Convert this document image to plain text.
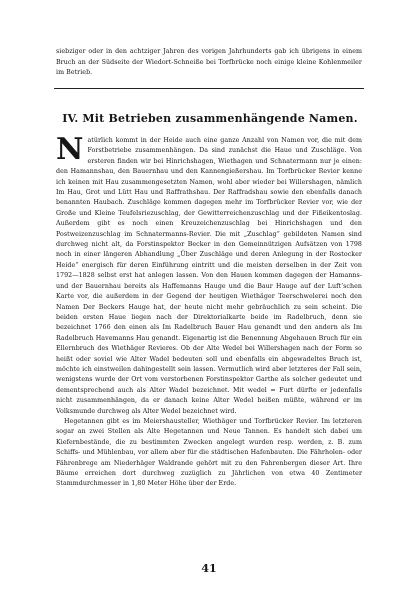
siebziger oder in den achtziger Jahren des vorigen Jahrhunderts gab ich übrigens in einem Bruch an der Südseite der Wiedort-Schneiße bei Torfbrücke noch einige kleine Kohlenmeiler im Betrieb.
IV. Mit Betrieben zusammenhängende Namen.

Natürlich kommt in der Heide auch eine ganze Anzahl von Namen vor, die mit dem Forstbetriebe zusammenhängen. Da sind zunächst die Haue und Zuschläge. Von ersteren finden wir bei Hinrichshagen, Wiethagen und Schnatermann nur je einen: den Hamannshau, den Bauernhau und den Kannengießershau. Im Torfbrücker Revier kenne ich keinen mit Hau zusammengesetzten Namen, wohl aber wieder bei Willershagen, nämlich Im Hau, Grot und Lütt Hau und Raffrathshau. Der Raffradshau sowie den ebenfalls danach benannten Haubach. Zuschläge kommen dagegen mehr im Torfbrücker Revier vor, wie der Große und Kleine Teufelsriezuschlag, der Gewitterreichenzuschlag und der Fißeikentoslag. Außerdem gibt es noch einen Kreuzeichenzuschlag bei Hinrichshagen und den Postweizenzuschlag im Schnatermanns-Revier. Die mit „Zuschlag“ gebildeten Namen sind durchweg nicht alt, da Forstinspektor Becker in den Gemeinnützigen Aufsätzen von 1798 noch in einer längeren Abhandlung „Über Zuschläge und deren Anlegung in der Rostocker Heide“ energisch für deren Einführung eintritt und die meisten derselben in der Zeit von 1792—1828 selbst erst hat anlegen lassen. Von den Hauen kommen dagegen der Hamanns- und der Bauernhau bereits als Haffemanns Hauge und die Baur Hauge auf der Luft’schen Karte vor, die außerdem in der Gegend der heutigen Wiethäger Teerschwelerei noch den Namen Der Beckers Hauge hat, der heute nicht mehr gebräuchlich zu sein scheint. Die beiden ersten Haue liegen nach der Direktorialkarte beide im Radelbruch, denn sie bezeichnet 1766 den einen als Im Radelbruch Bauer Hau genandt und den andern als Im Radelbruch Havemanns Hau genandt. Eigenartig ist die Benennung Abgehauen Bruch für ein Ellernbruch des Wiethäger Revieres. Ob der Alte Wedel bei Willershagen nach der Form so heißt oder soviel wie Alter Wadel bedeuten soll und ebenfalls ein abgewadeltes Bruch ist, möchte ich einstweilen dahingestellt sein lassen. Vermutlich wird aber letzteres der Fall sein, wenigstens wurde der Ort vom verstorbenen Forstinspektor Garthe als solcher gedeutet und dementsprechend auch als Alter Wadel bezeichnet. Mit wedel = Furt dürfte er jedenfalls nicht zusammenhängen, da er danach keine Alter Wedel heißen müßte, während er im Volksmunde durchweg als Alter Wedel bezeichnet wird.

Hegetannen gibt es im Meiershausteller, Wiethäger und Torfbrücker Revier. Im letzteren sogar an zwei Stellen als Alte Hegetannen und Neue Tannen. Es handelt sich dabei um Kiefernbestände, die zu bestimmten Zwecken angelegt wurden resp. werden, z. B. zum Schiffs- und Mühlenbau, vor allem aber für die städtischen Hafenbauten. Die Fährholen- oder Fährenbrege am Niederhäger Waldrande gehört mit zu den Fahrenbergen dieser Art. Ihre Bäume erreichen dort durchweg zuzüglich zu Jährlichen von etwa 40 Zentimeter Stammdurchmesser in 1,80 Meter Höhe über der Erde.

41
